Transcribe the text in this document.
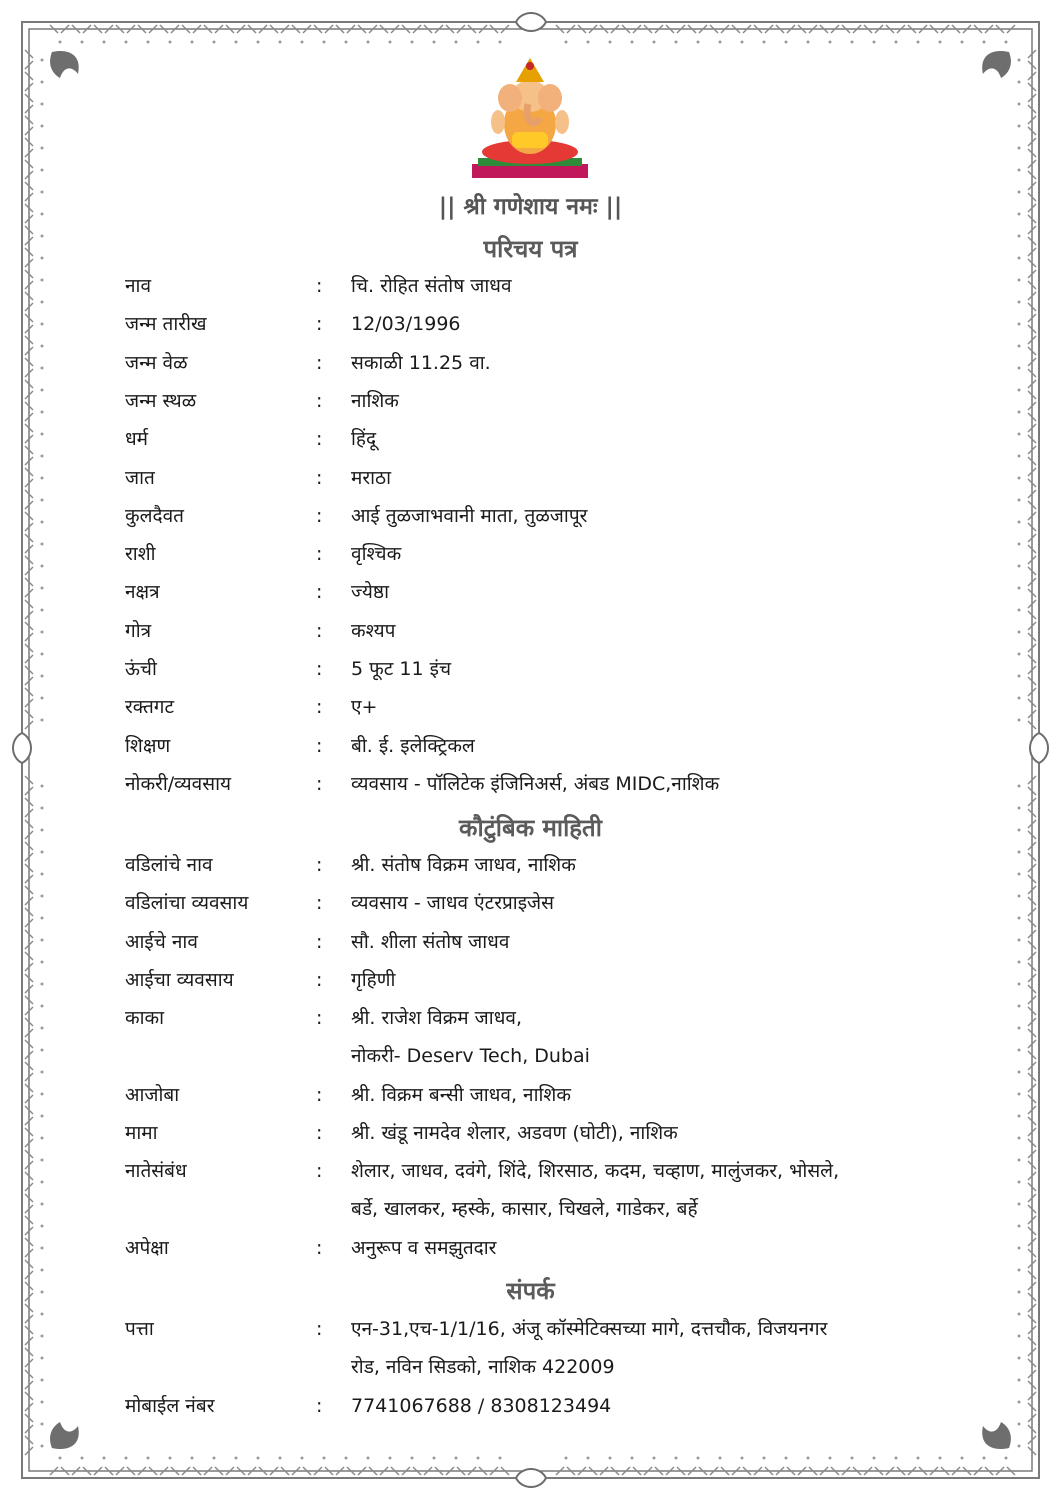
|| श्री गणेशाय नमः ||
परिचय पत्र
नाव	: चि. रोहित संतोष जाधव
जन्म तारीख	: 12/03/1996
जन्म वेळ	: सकाळी 11.25 वा.
जन्म स्थळ	: नाशिक
धर्म	: हिंदू
जात	: मराठा
कुलदैवत	: आई तुळजाभवानी माता, तुळजापूर
राशी	: वृश्चिक
नक्षत्र	: ज्येष्ठा
गोत्र	: कश्यप
ऊंची	: 5 फूट 11 इंच
रक्तगट	: ए+
शिक्षण	: बी. ई. इलेक्ट्रिकल
नोकरी/व्यवसाय	: व्यवसाय - पॉलिटेक इंजिनिअर्स, अंबड MIDC,नाशिक
कौटुंबिक माहिती
वडिलांचे नाव	: श्री. संतोष विक्रम जाधव, नाशिक
वडिलांचा व्यवसाय	: व्यवसाय - जाधव एंटरप्राइजेस
आईचे नाव	: सौ. शीला संतोष जाधव
आईचा व्यवसाय	: गृहिणी
काका	: श्री. राजेश विक्रम जाधव,
नोकरी- Deserv Tech, Dubai
आजोबा	: श्री. विक्रम बन्सी जाधव, नाशिक
मामा	: श्री. खंडू नामदेव शेलार, अडवण (घोटी), नाशिक
नातेसंबंध	: शेलार, जाधव, दवंगे, शिंदे, शिरसाठ, कदम, चव्हाण, मालुंजकर, भोसले,
बर्डे, खालकर, म्हस्के, कासार, चिखले, गाडेकर, बर्हे
अपेक्षा	: अनुरूप व समझुतदार
संपर्क
पत्ता	: एन-31,एच-1/1/16, अंजू कॉस्मेटिक्सच्या मागे, दत्तचौक, विजयनगर
रोड, नविन सिडको, नाशिक 422009
मोबाईल नंबर	: 7741067688 / 8308123494
